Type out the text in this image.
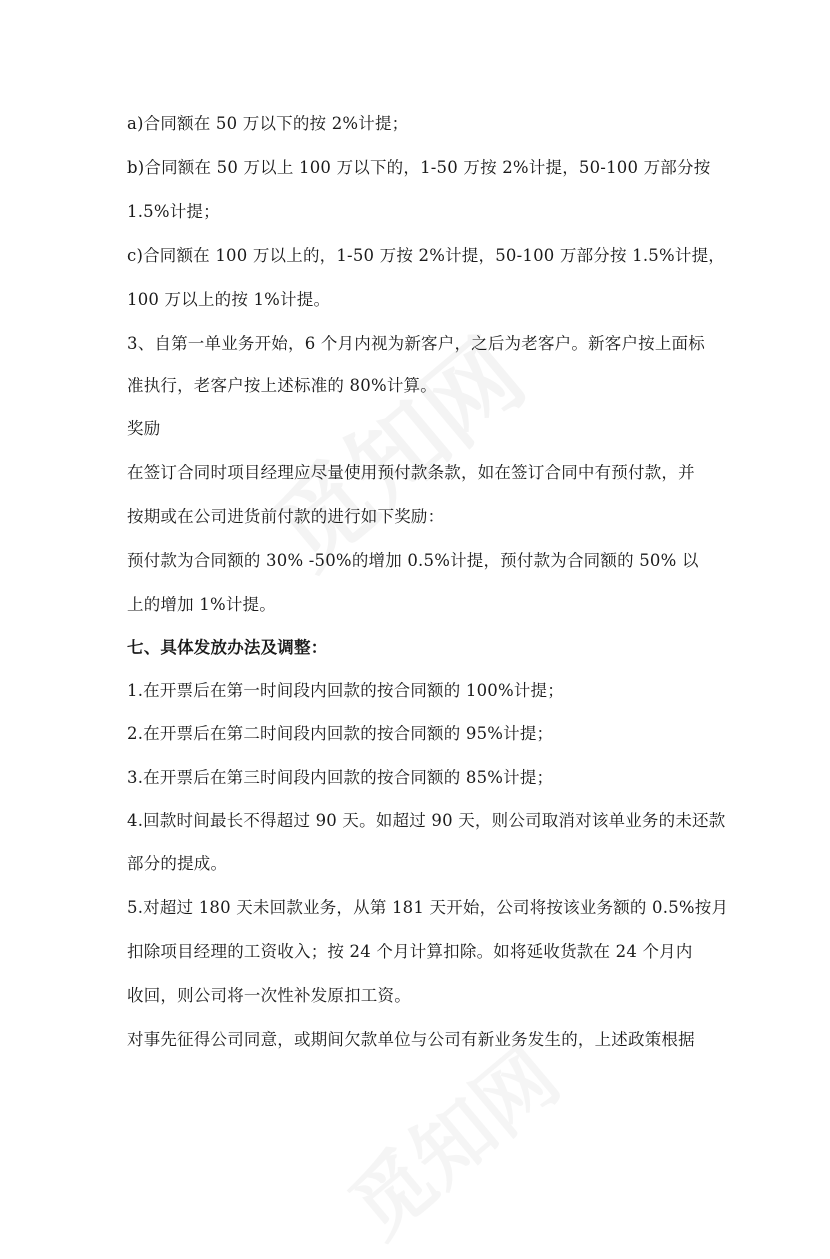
a)合同额在 50 万以下的按 2%计提；
b)合同额在 50 万以上 100 万以下的，1-50 万按 2%计提，50-100 万部分按
1.5%计提；
c)合同额在 100 万以上的，1-50 万按 2%计提，50-100 万部分按 1.5%计提，
100 万以上的按 1%计提。
3、自第一单业务开始，6 个月内视为新客户，之后为老客户。新客户按上面标
准执行，老客户按上述标准的 80%计算。
奖励
在签订合同时项目经理应尽量使用预付款条款，如在签订合同中有预付款，并
按期或在公司进货前付款的进行如下奖励：
预付款为合同额的 30% -50%的增加 0.5%计提，预付款为合同额的 50% 以
上的增加 1%计提。
七、具体发放办法及调整：
1.在开票后在第一时间段内回款的按合同额的 100%计提；
2.在开票后在第二时间段内回款的按合同额的 95%计提；
3.在开票后在第三时间段内回款的按合同额的 85%计提；
4.回款时间最长不得超过 90 天。如超过 90 天，则公司取消对该单业务的未还款
部分的提成。
5.对超过 180 天未回款业务，从第 181 天开始，公司将按该业务额的 0.5%按月
扣除项目经理的工资收入；按 24 个月计算扣除。如将延收货款在 24 个月内
收回，则公司将一次性补发原扣工资。
对事先征得公司同意，或期间欠款单位与公司有新业务发生的，上述政策根据
